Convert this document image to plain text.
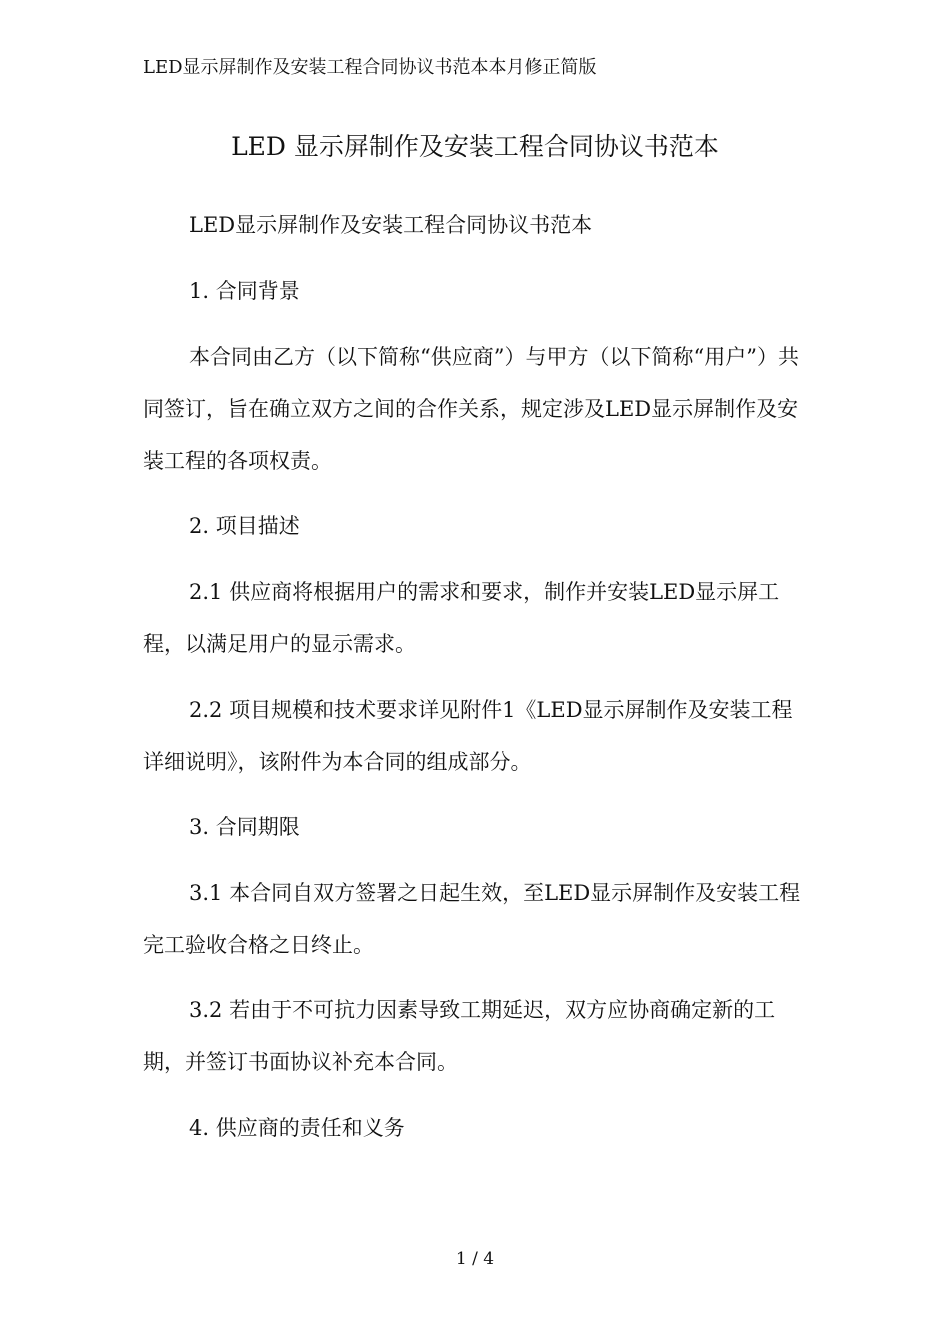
LED显示屏制作及安装工程合同协议书范本本月修正简版
LED 显示屏制作及安装工程合同协议书范本
LED显示屏制作及安装工程合同协议书范本
1. 合同背景
本合同由乙方（以下简称“供应商”）与甲方（以下简称“用户”）共同签订，旨在确立双方之间的合作关系，规定涉及LED显示屏制作及安装工程的各项权责。
2. 项目描述
2.1 供应商将根据用户的需求和要求，制作并安装LED显示屏工程，以满足用户的显示需求。
2.2 项目规模和技术要求详见附件1《LED显示屏制作及安装工程详细说明》，该附件为本合同的组成部分。
3. 合同期限
3.1 本合同自双方签署之日起生效，至LED显示屏制作及安装工程完工验收合格之日终止。
3.2 若由于不可抗力因素导致工期延迟，双方应协商确定新的工期，并签订书面协议补充本合同。
4. 供应商的责任和义务
1 / 4
